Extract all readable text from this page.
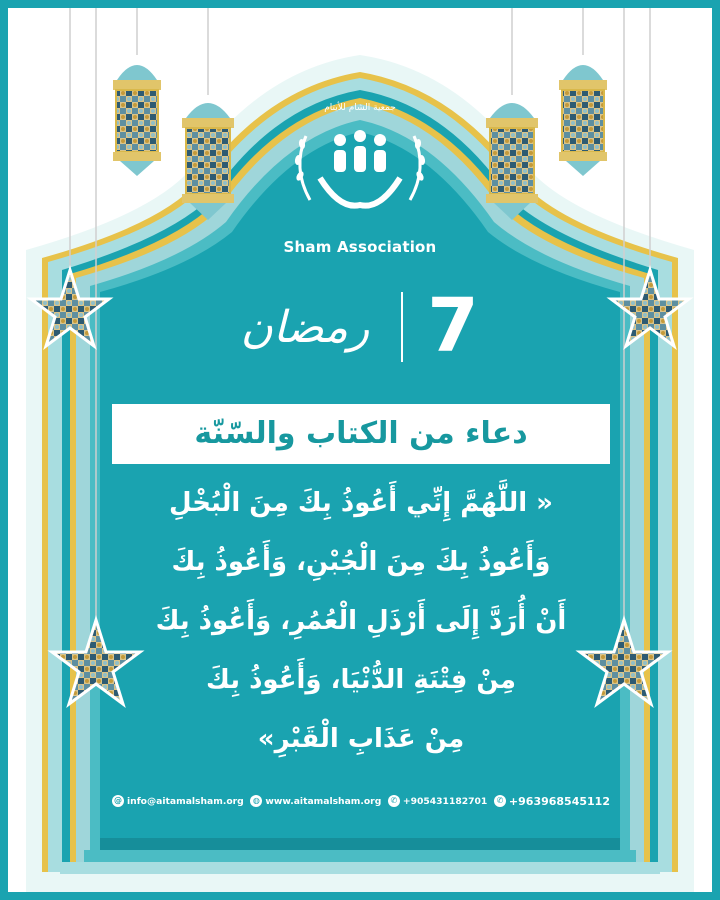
جمعية الشام للأيتام
Sham Association
رمضان 7
دعاء من الكتاب والسّنّة
« اللَّهُمَّ إِنِّي أَعُوذُ بِكَ مِنَ الْبُخْلِ
وَأَعُوذُ بِكَ مِنَ الْجُبْنِ، وَأَعُوذُ بِكَ
أَنْ أُرَدَّ إِلَى أَرْذَلِ الْعُمُرِ، وَأَعُوذُ بِكَ
مِنْ فِتْنَةِ الدُّنْيَا، وَأَعُوذُ بِكَ
مِنْ عَذَابِ الْقَبْرِ»
@ info@aitamalsham.org	◍ www.aitamalsham.org	✆ +905431182701	✆ +963968545112
